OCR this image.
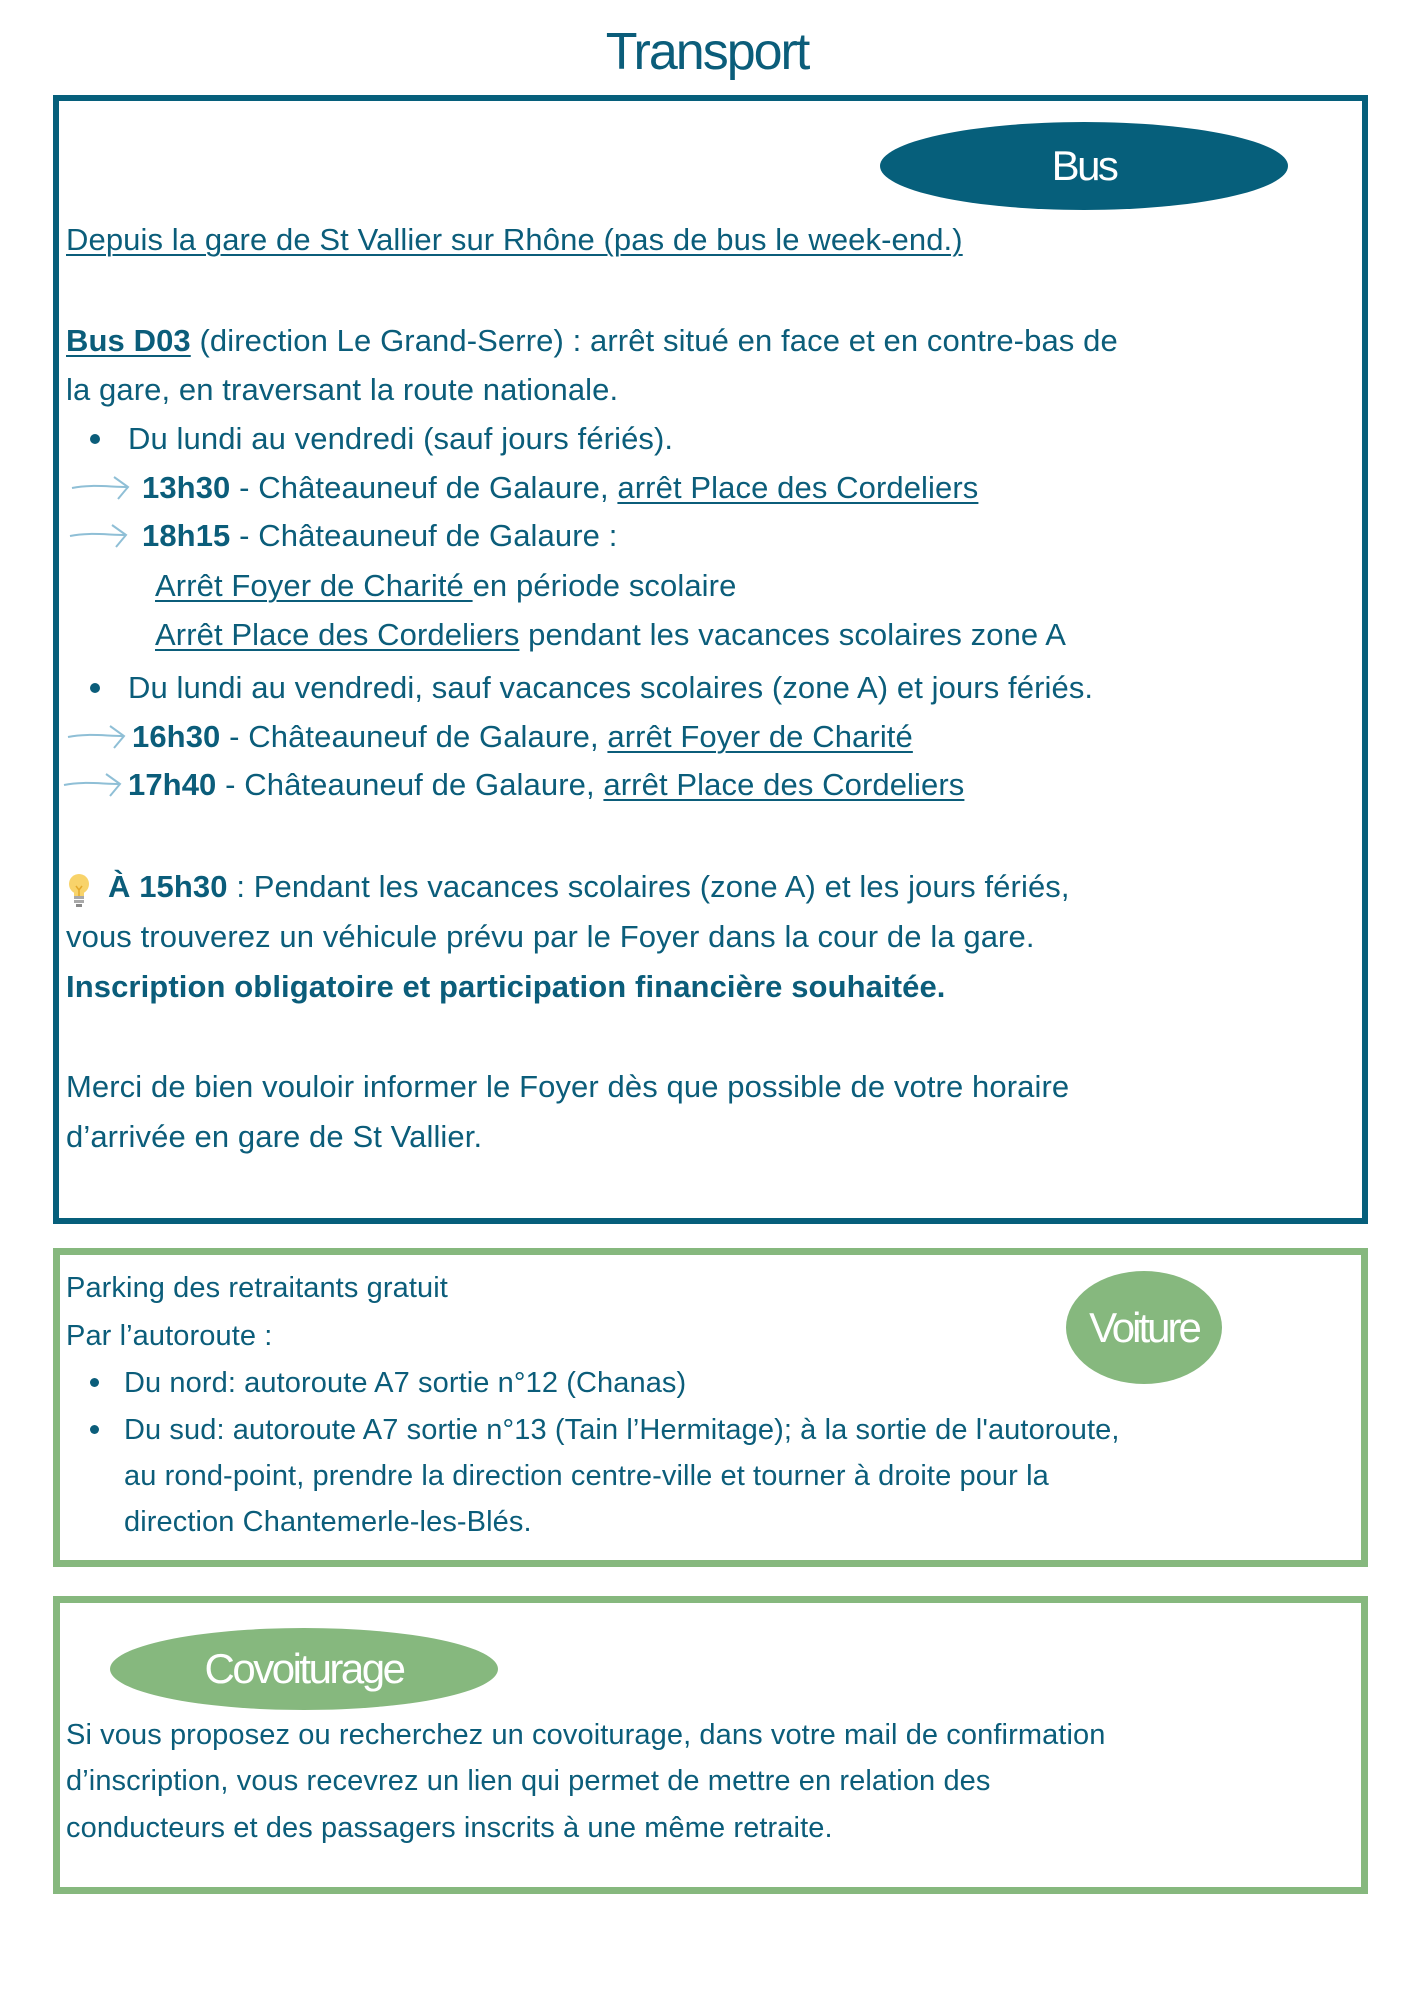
Transport
Bus
Depuis la gare de St Vallier sur Rhône (pas de bus le week-end.)
Bus D03 (direction Le Grand-Serre) : arrêt situé en face et en contre-bas de
la gare, en traversant la route nationale.
Du lundi au vendredi (sauf jours fériés).
13h30 - Châteauneuf de Galaure, arrêt Place des Cordeliers
18h15 - Châteauneuf de Galaure :
Arrêt Foyer de Charité en période scolaire
Arrêt Place des Cordeliers pendant les vacances scolaires zone A
Du lundi au vendredi, sauf vacances scolaires (zone A) et jours fériés.
16h30 - Châteauneuf de Galaure, arrêt Foyer de Charité
17h40 - Châteauneuf de Galaure, arrêt Place des Cordeliers
À 15h30 : Pendant les vacances scolaires (zone A) et les jours fériés,
vous trouverez un véhicule prévu par le Foyer dans la cour de la gare.
Inscription obligatoire et participation financière souhaitée.
Merci de bien vouloir informer le Foyer dès que possible de votre horaire
d’arrivée en gare de St Vallier.
Voiture
Parking des retraitants gratuit
Par l’autoroute :
Du nord: autoroute A7 sortie n°12 (Chanas)
Du sud: autoroute A7 sortie n°13 (Tain l’Hermitage); à la sortie de l'autoroute,
au rond-point, prendre la direction centre-ville et tourner à droite pour la
direction Chantemerle-les-Blés.
Covoiturage
Si vous proposez ou recherchez un covoiturage, dans votre mail de confirmation
d’inscription, vous recevrez un lien qui permet de mettre en relation des
conducteurs et des passagers inscrits à une même retraite.
